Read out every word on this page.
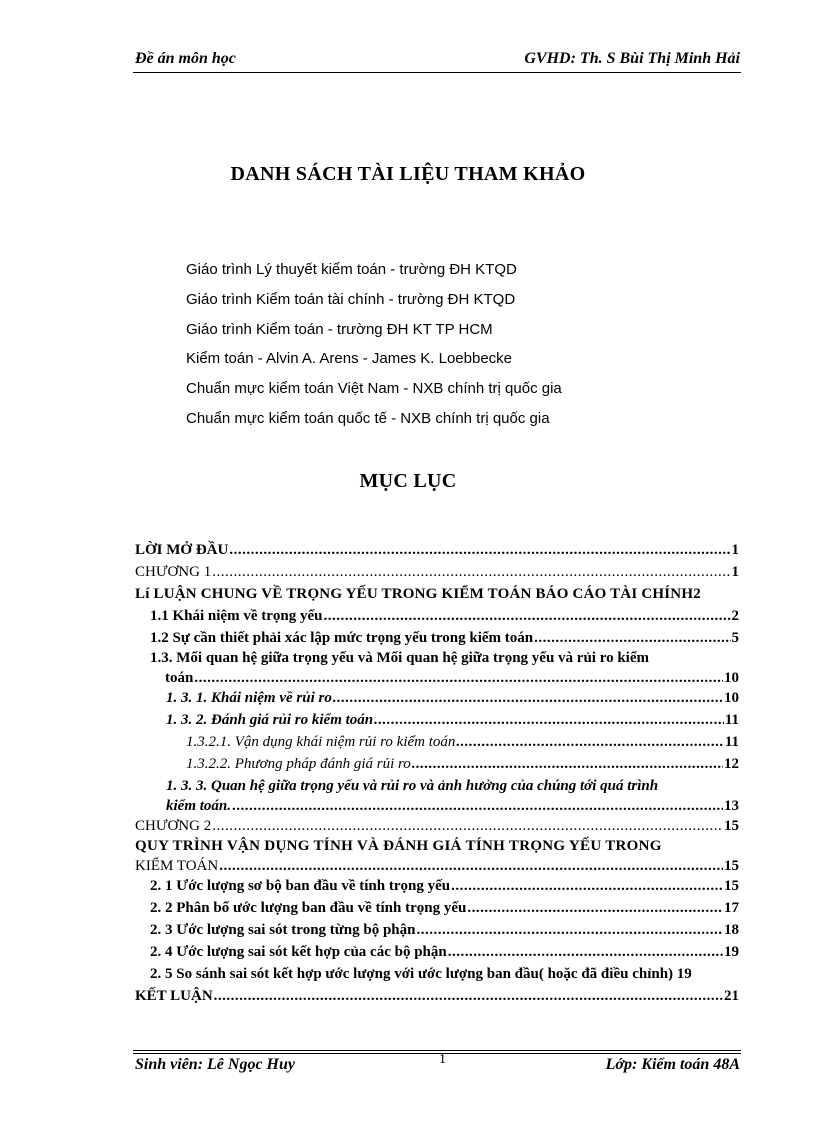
Đề án môn học	GVHD: Th. S Bùi Thị Minh Hải
DANH SÁCH TÀI LIỆU THAM KHẢO
Giáo trình Lý thuyết kiểm toán - trường ĐH KTQD
Giáo trình Kiểm toán tài chính - trường ĐH KTQD
Giáo trình Kiểm toán - trường ĐH KT TP HCM
Kiểm toán - Alvin A. Arens - James K. Loebbecke
Chuẩn mực kiểm toán Việt Nam - NXB chính trị quốc gia
Chuẩn mực kiểm toán quốc tế - NXB chính trị quốc gia
MỤC LỤC
LỜI MỞ ĐẦU .....	1
CHƯƠNG 1 .....	1
Lí LUẬN CHUNG VỀ TRỌNG YẾU TRONG KIỂM TOÁN BÁO CÁO TÀI CHÍNH2
1.1 Khái niệm về trọng yếu .....	2
1.2 Sự cần thiết phải xác lập mức trọng yếu trong kiểm toán .....	5
1.3. Mối quan hệ giữa trọng yếu và Mối quan hệ giữa trọng yếu và rủi ro kiểm
toán .....	10
1. 3. 1. Khái niệm về rủi ro .....	10
1. 3. 2. Đánh giá rủi ro kiểm toán .....	11
1.3.2.1. Vận dụng khái niệm rủi ro kiểm toán .....	11
1.3.2.2. Phương pháp đánh giá rủi ro .....	12
1. 3. 3. Quan hệ giữa trọng yếu và rủi ro và ảnh hưởng của chúng tới quá trình
kiểm toán. .....	13
CHƯƠNG 2 .....	15
QUY TRÌNH VẬN DỤNG TÍNH VÀ ĐÁNH GIÁ TÍNH TRỌNG YẾU TRONG
KIỂM TOÁN .....	15
2. 1 Ước lượng sơ bộ ban đầu về tính trọng yếu .....	15
2. 2 Phân bổ ước lượng ban đầu về tính trọng yếu .....	17
2. 3 Ước lượng sai sót trong từng bộ phận .....	18
2. 4 Ước lượng sai sót kết hợp của các bộ phận .....	19
2. 5 So sánh sai sót kết hợp ước lượng với ước lượng ban đầu( hoặc đã điều chỉnh) 19
KẾT LUẬN .....	21
Sinh viên: Lê Ngọc Huy	1	Lớp: Kiểm toán 48A
